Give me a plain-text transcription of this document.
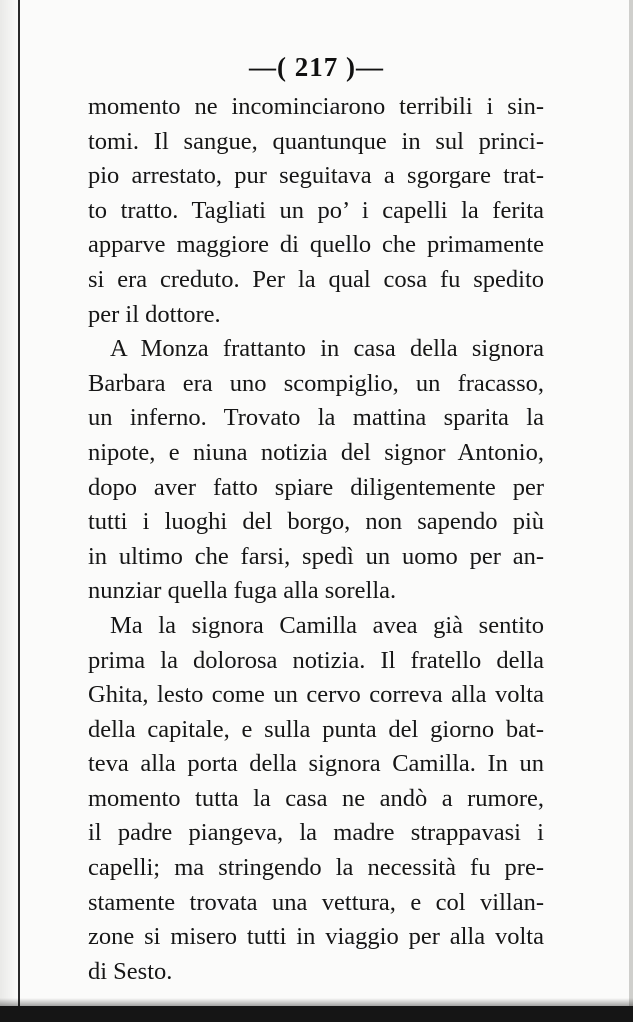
—( 217 )—
momento ne incominciarono terribili i sin-
tomi. Il sangue, quantunque in sul princi-
pio arrestato, pur seguitava a sgorgare trat-
to tratto. Tagliati un po’ i capelli la ferita
apparve maggiore di quello che primamente
si era creduto. Per la qual cosa fu spedito
per il dottore.
A Monza frattanto in casa della signora
Barbara era uno scompiglio, un fracasso,
un inferno. Trovato la mattina sparita la
nipote, e niuna notizia del signor Antonio,
dopo aver fatto spiare diligentemente per
tutti i luoghi del borgo, non sapendo più
in ultimo che farsi, spedì un uomo per an-
nunziar quella fuga alla sorella.
Ma la signora Camilla avea già sentito
prima la dolorosa notizia. Il fratello della
Ghita, lesto come un cervo correva alla volta
della capitale, e sulla punta del giorno bat-
teva alla porta della signora Camilla. In un
momento tutta la casa ne andò a rumore,
il padre piangeva, la madre strappavasi i
capelli; ma stringendo la necessità fu pre-
stamente trovata una vettura, e col villan-
zone si misero tutti in viaggio per alla volta
di Sesto.
